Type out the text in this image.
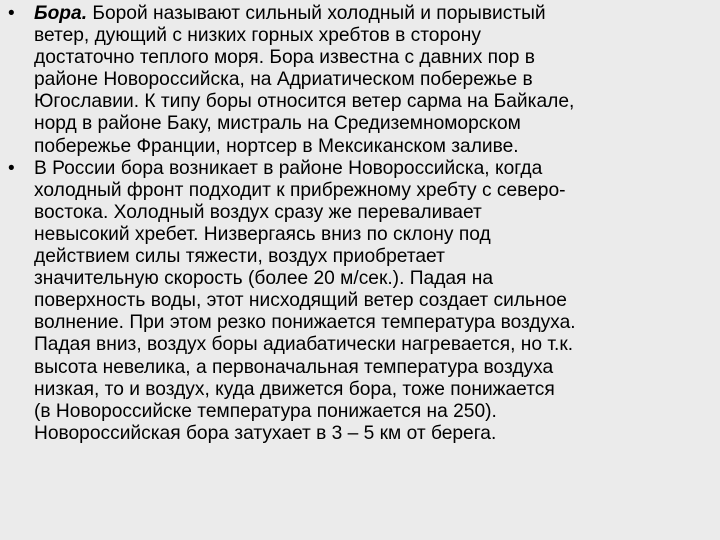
• Бора. Борой называют сильный холодный и порывистый
ветер, дующий с низких горных хребтов в сторону
достаточно теплого моря. Бора известна с давних пор в
районе Новороссийска, на Адриатическом побережье в
Югославии. К типу боры относится ветер сарма на Байкале,
норд в районе Баку, мистраль на Средиземноморском
побережье Франции, нортсер в Мексиканском заливе.
• В России бора возникает в районе Новороссийска, когда
холодный фронт подходит к прибрежному хребту с северо-
востока. Холодный воздух сразу же переваливает
невысокий хребет. Низвергаясь вниз по склону под
действием силы тяжести, воздух приобретает
значительную скорость (более 20 м/сек.). Падая на
поверхность воды, этот нисходящий ветер создает сильное
волнение. При этом резко понижается температура воздуха.
Падая вниз, воздух боры адиабатически нагревается, но т.к.
высота невелика, а первоначальная температура воздуха
низкая, то и воздух, куда движется бора, тоже понижается
(в Новороссийске температура понижается на 250).
Новороссийская бора затухает в 3 – 5 км от берега.
